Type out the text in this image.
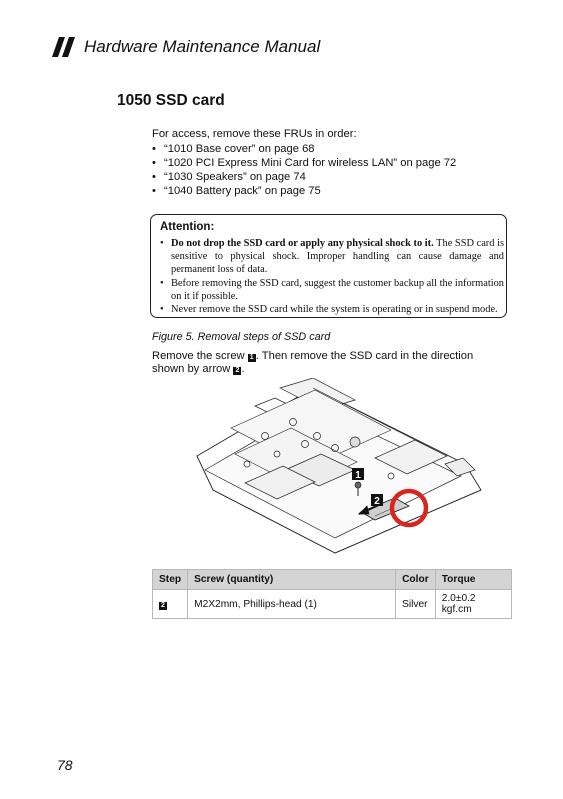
Hardware Maintenance Manual
1050 SSD card
For access, remove these FRUs in order:
• “1010 Base cover” on page 68
• “1020 PCI Express Mini Card for wireless LAN” on page 72
• “1030 Speakers” on page 74
• “1040 Battery pack” on page 75
Attention:
• Do not drop the SSD card or apply any physical shock to it. The SSD card is sensitive to physical shock. Improper handling can cause damage and permanent loss of data.
• Before removing the SSD card, suggest the customer backup all the information on it if possible.
• Never remove the SSD card while the system is operating or in suspend mode.
Figure 5. Removal steps of SSD card
Remove the screw 1 . Then remove the SSD card in the direction shown by arrow 2 .
1
2
Step	Screw (quantity)	Color	Torque
2	M2X2mm, Phillips-head (1)	Silver	2.0±0.2 kgf.cm
78
